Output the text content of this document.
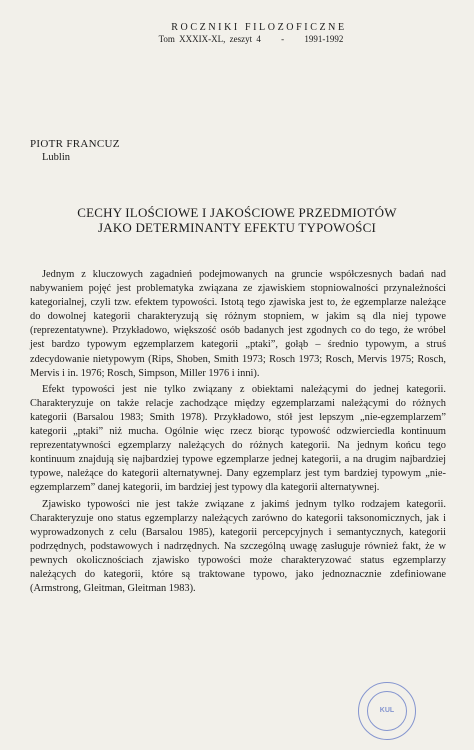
ROCZNIKI FILOZOFICZNE
Tom XXXIX-XL, zeszyt 4 - 1991-1992
PIOTR FRANCUZ
Lublin
CECHY ILOŚCIOWE I JAKOŚCIOWE PRZEDMIOTÓW
JAKO DETERMINANTY EFEKTU TYPOWOŚCI

Jednym z kluczowych zagadnień podejmowanych na gruncie współczesnych badań nad nabywaniem pojęć jest problematyka związana ze zjawiskiem stopniowalności przynależności kategorialnej, czyli tzw. efektem typowości. Istotą tego zjawiska jest to, że egzemplarze należące do dowolnej kategorii charakteryzują się różnym stopniem, w jakim są dla niej typowe (reprezentatywne). Przykładowo, większość osób badanych jest zgodnych co do tego, że wróbel jest bardzo typowym egzemplarzem kategorii „ptaki”, gołąb – średnio typowym, a struś zdecydowanie nietypowym (Rips, Shoben, Smith 1973; Rosch 1973; Rosch, Mervis 1975; Rosch, Mervis i in. 1976; Rosch, Simpson, Miller 1976 i inni).

Efekt typowości jest nie tylko związany z obiektami należącymi do jednej kategorii. Charakteryzuje on także relacje zachodzące między egzemplarzami należącymi do różnych kategorii (Barsalou 1983; Smith 1978). Przykładowo, stół jest lepszym „nie-egzemplarzem” kategorii „ptaki” niż mucha. Ogólnie więc rzecz biorąc typowość odzwierciedla kontinuum reprezentatywności egzemplarzy należących do różnych kategorii. Na jednym końcu tego kontinuum znajdują się najbardziej typowe egzemplarze jednej kategorii, a na drugim najbardziej typowe, należące do kategorii alternatywnej. Dany egzemplarz jest tym bardziej typowym „nie-egzemplarzem” danej kategorii, im bardziej jest typowy dla kategorii alternatywnej.

Zjawisko typowości nie jest także związane z jakimś jednym tylko rodzajem kategorii. Charakteryzuje ono status egzemplarzy należących zarówno do kategorii taksonomicznych, jak i wyprowadzonych z celu (Barsalou 1985), kategorii percepcyjnych i semantycznych, kategorii podrzędnych, podstawowych i nadrzędnych. Na szczególną uwagę zasługuje również fakt, że w pewnych okolicznościach zjawisko typowości może charakteryzować status egzemplarzy należących do kategorii, które są traktowane typowo, jako jednoznacznie zdefiniowane (Armstrong, Gleitman, Gleitman 1983).

KUL
